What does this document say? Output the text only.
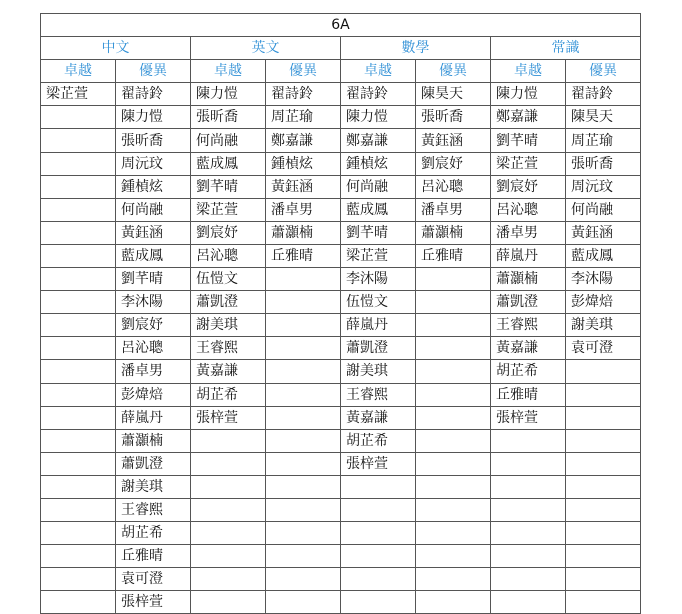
6A							
中文		英文		數學		常識	
卓越	優異	卓越	優異	卓越	優異	卓越	優異
梁芷萱	翟詩鈴	陳力愷	翟詩鈴	翟詩鈴	陳昊天	陳力愷	翟詩鈴
	陳力愷	張昕喬	周芷瑜	陳力愷	張昕喬	鄭嘉謙	陳昊天
	張昕喬	何尚融	鄭嘉謙	鄭嘉謙	黃鈺涵	劉芊晴	周芷瑜
	周沅玟	藍成鳳	鍾楨炫	鍾楨炫	劉宸妤	梁芷萱	張昕喬
	鍾楨炫	劉芊晴	黃鈺涵	何尚融	呂沁聰	劉宸妤	周沅玟
	何尚融	梁芷萱	潘卓男	藍成鳳	潘卓男	呂沁聰	何尚融
	黃鈺涵	劉宸妤	蕭灝楠	劉芊晴	蕭灝楠	潘卓男	黃鈺涵
	藍成鳳	呂沁聰	丘雅晴	梁芷萱	丘雅晴	薛嵐丹	藍成鳳
	劉芊晴	伍愷文		李沐陽		蕭灝楠	李沐陽
	李沐陽	蕭凱澄		伍愷文		蕭凱澄	彭煒焙
	劉宸妤	謝美琪		薛嵐丹		王睿熙	謝美琪
	呂沁聰	王睿熙		蕭凱澄		黃嘉謙	袁可澄
	潘卓男	黃嘉謙		謝美琪		胡芷希	
	彭煒焙	胡芷希		王睿熙		丘雅晴	
	薛嵐丹	張梓萱		黃嘉謙		張梓萱	
	蕭灝楠			胡芷希			
	蕭凱澄			張梓萱			
	謝美琪						
	王睿熙						
	胡芷希						
	丘雅晴						
	袁可澄						
	張梓萱						
